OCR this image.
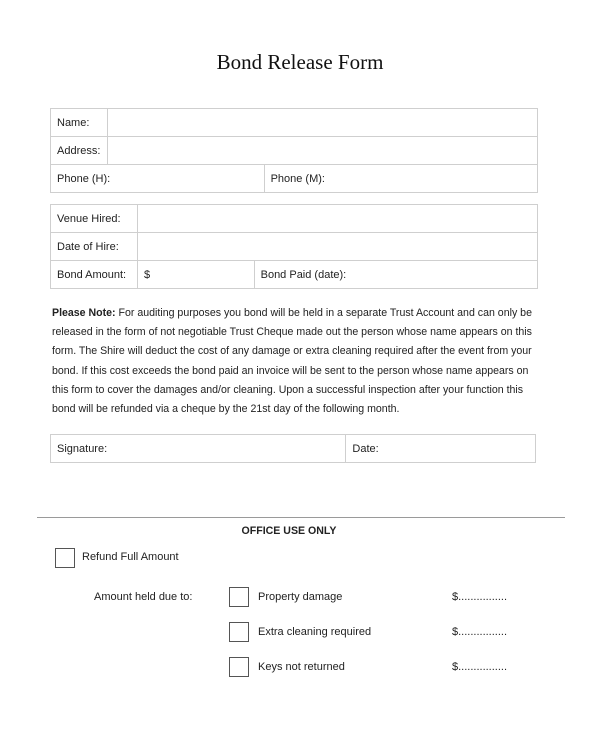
Bond Release Form
Name:		
Address:		
Phone (H):		Phone (M):
Venue Hired:		
Date of Hire:		
Bond Amount:	$	Bond Paid (date):
Please Note: For auditing purposes you bond will be held in a separate Trust Account and can only be released in the form of not negotiable Trust Cheque made out the person whose name appears on this form. The Shire will deduct the cost of any damage or extra cleaning required after the event from your bond. If this cost exceeds the bond paid an invoice will be sent to the person whose name appears on this form to cover the damages and/or cleaning. Upon a successful inspection after your function this bond will be refunded via a cheque by the 21st day of the following month.
Signature:	Date:
OFFICE USE ONLY
Refund Full Amount
Amount held due to:	Property damage	$................
Extra cleaning required	$................
Keys not returned	$................
